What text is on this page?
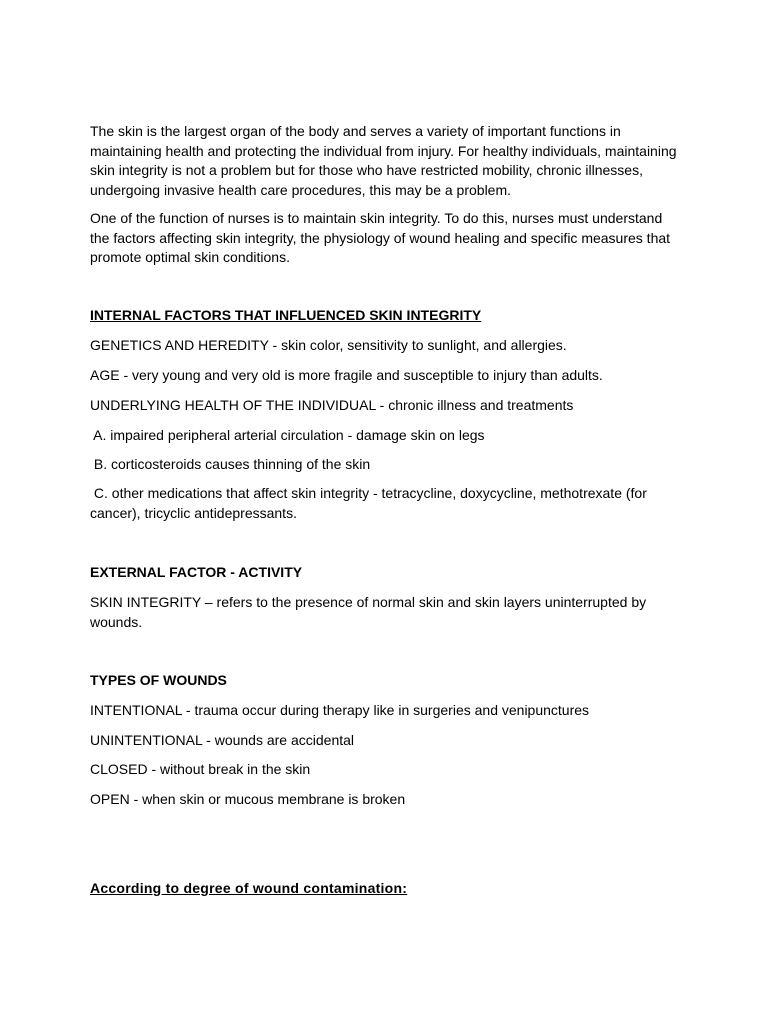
The skin is the largest organ of the body and serves a variety of important functions in maintaining health and protecting the individual from injury. For healthy individuals, maintaining skin integrity is not a problem but for those who have restricted mobility, chronic illnesses, undergoing invasive health care procedures, this may be a problem.

One of the function of nurses is to maintain skin integrity. To do this, nurses must understand the factors affecting skin integrity, the physiology of wound healing and specific measures that promote optimal skin conditions.

INTERNAL FACTORS THAT INFLUENCED SKIN INTEGRITY

GENETICS AND HEREDITY - skin color, sensitivity to sunlight, and allergies.

AGE - very young and very old is more fragile and susceptible to injury than adults.

UNDERLYING HEALTH OF THE INDIVIDUAL - chronic illness and treatments

A. impaired peripheral arterial circulation - damage skin on legs

B. corticosteroids causes thinning of the skin

C. other medications that affect skin integrity - tetracycline, doxycycline, methotrexate (for cancer), tricyclic antidepressants.

EXTERNAL FACTOR - ACTIVITY

SKIN INTEGRITY – refers to the presence of normal skin and skin layers uninterrupted by wounds.

TYPES OF WOUNDS

INTENTIONAL - trauma occur during therapy like in surgeries and venipunctures

UNINTENTIONAL - wounds are accidental

CLOSED - without break in the skin

OPEN - when skin or mucous membrane is broken

According to degree of wound contamination:
